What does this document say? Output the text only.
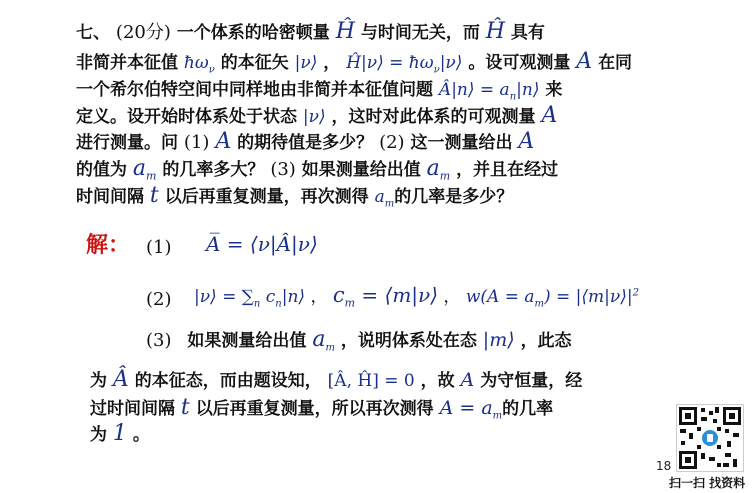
七、 (20分) 一个体系的哈密顿量 Ĥ 与时间无关，而 Ĥ 具有
非简并本征值 $ħ\omega_\nu$ 的本征矢 |ν⟩ ， Ĥ|ν⟩ = $ħ\omega_\nu|\nu⟩$ 。设可观测量 A 在同
一个希尔伯特空间中同样地由非简并本征值问题 Â|n⟩ = $a_n|n⟩$ 来
定义。设开始时体系处于状态 |ν⟩ ，这时对此体系的可观测量 A
进行测量。问 (1) A 的期待值是多少？ (2) 这一测量给出 A
的值为 $a_m$ 的几率多大？ (3) 如果测量给出值 $a_m$ ，并且在经过
时间间隔 t 以后再重复测量，再次测得 $a_m$的几率是多少？
解： (1) A̅ = ⟨ν|Â|ν⟩
(2) |ν⟩ = $\sum_n$ $c_n|n⟩$ ， $c_m$ = ⟨m|ν⟩ ， $w(A = a_m)$ = $|⟨m|\nu⟩|^2$
(3) 如果测量给出值 $a_m$ ，说明体系处在态 |m⟩ ，此态
为 Â 的本征态，而由题设知， [Â, Ĥ] = 0 ，故 A 为守恒量，经
过时间间隔 t 以后再重复测量，所以再次测得 $A = a_m$的几率
为 1 。
18
扫一扫 找资料
